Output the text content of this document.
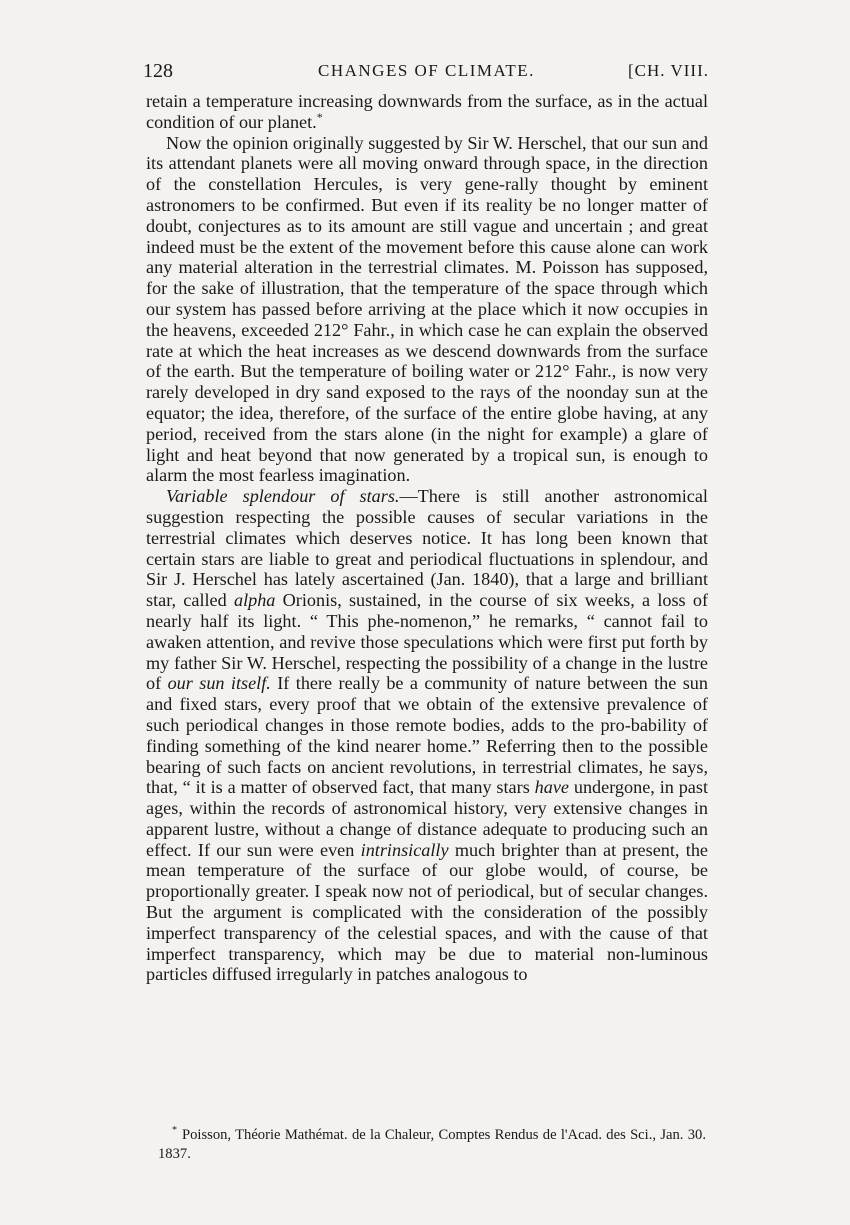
128	CHANGES OF CLIMATE.	[CH. VIII.

retain a temperature increasing downwards from the surface, as in the actual condition of our planet.*

Now the opinion originally suggested by Sir W. Herschel, that our sun and its attendant planets were all moving onward through space, in the direction of the constellation Hercules, is very gene-rally thought by eminent astronomers to be confirmed. But even if its reality be no longer matter of doubt, conjectures as to its amount are still vague and uncertain ; and great indeed must be the extent of the movement before this cause alone can work any material alteration in the terrestrial climates. M. Poisson has supposed, for the sake of illustration, that the temperature of the space through which our system has passed before arriving at the place which it now occupies in the heavens, exceeded 212° Fahr., in which case he can explain the observed rate at which the heat increases as we descend downwards from the surface of the earth. But the temperature of boiling water or 212° Fahr., is now very rarely developed in dry sand exposed to the rays of the noonday sun at the equator; the idea, therefore, of the surface of the entire globe having, at any period, received from the stars alone (in the night for example) a glare of light and heat beyond that now generated by a tropical sun, is enough to alarm the most fearless imagination.

Variable splendour of stars.—There is still another astronomical suggestion respecting the possible causes of secular variations in the terrestrial climates which deserves notice. It has long been known that certain stars are liable to great and periodical fluctuations in splendour, and Sir J. Herschel has lately ascertained (Jan. 1840), that a large and brilliant star, called alpha Orionis, sustained, in the course of six weeks, a loss of nearly half its light. “ This phe-nomenon,” he remarks, “ cannot fail to awaken attention, and revive those speculations which were first put forth by my father Sir W. Herschel, respecting the possibility of a change in the lustre of our sun itself. If there really be a community of nature between the sun and fixed stars, every proof that we obtain of the extensive prevalence of such periodical changes in those remote bodies, adds to the pro-bability of finding something of the kind nearer home.” Referring then to the possible bearing of such facts on ancient revolutions, in terrestrial climates, he says, that, “ it is a matter of observed fact, that many stars have undergone, in past ages, within the records of astronomical history, very extensive changes in apparent lustre, without a change of distance adequate to producing such an effect. If our sun were even intrinsically much brighter than at present, the mean temperature of the surface of our globe would, of course, be proportionally greater. I speak now not of periodical, but of secular changes. But the argument is complicated with the consideration of the possibly imperfect transparency of the celestial spaces, and with the cause of that imperfect transparency, which may be due to material non-luminous particles diffused irregularly in patches analogous to

* Poisson, Théorie Mathémat. de la Chaleur, Comptes Rendus de l'Acad. des Sci., Jan. 30. 1837.
